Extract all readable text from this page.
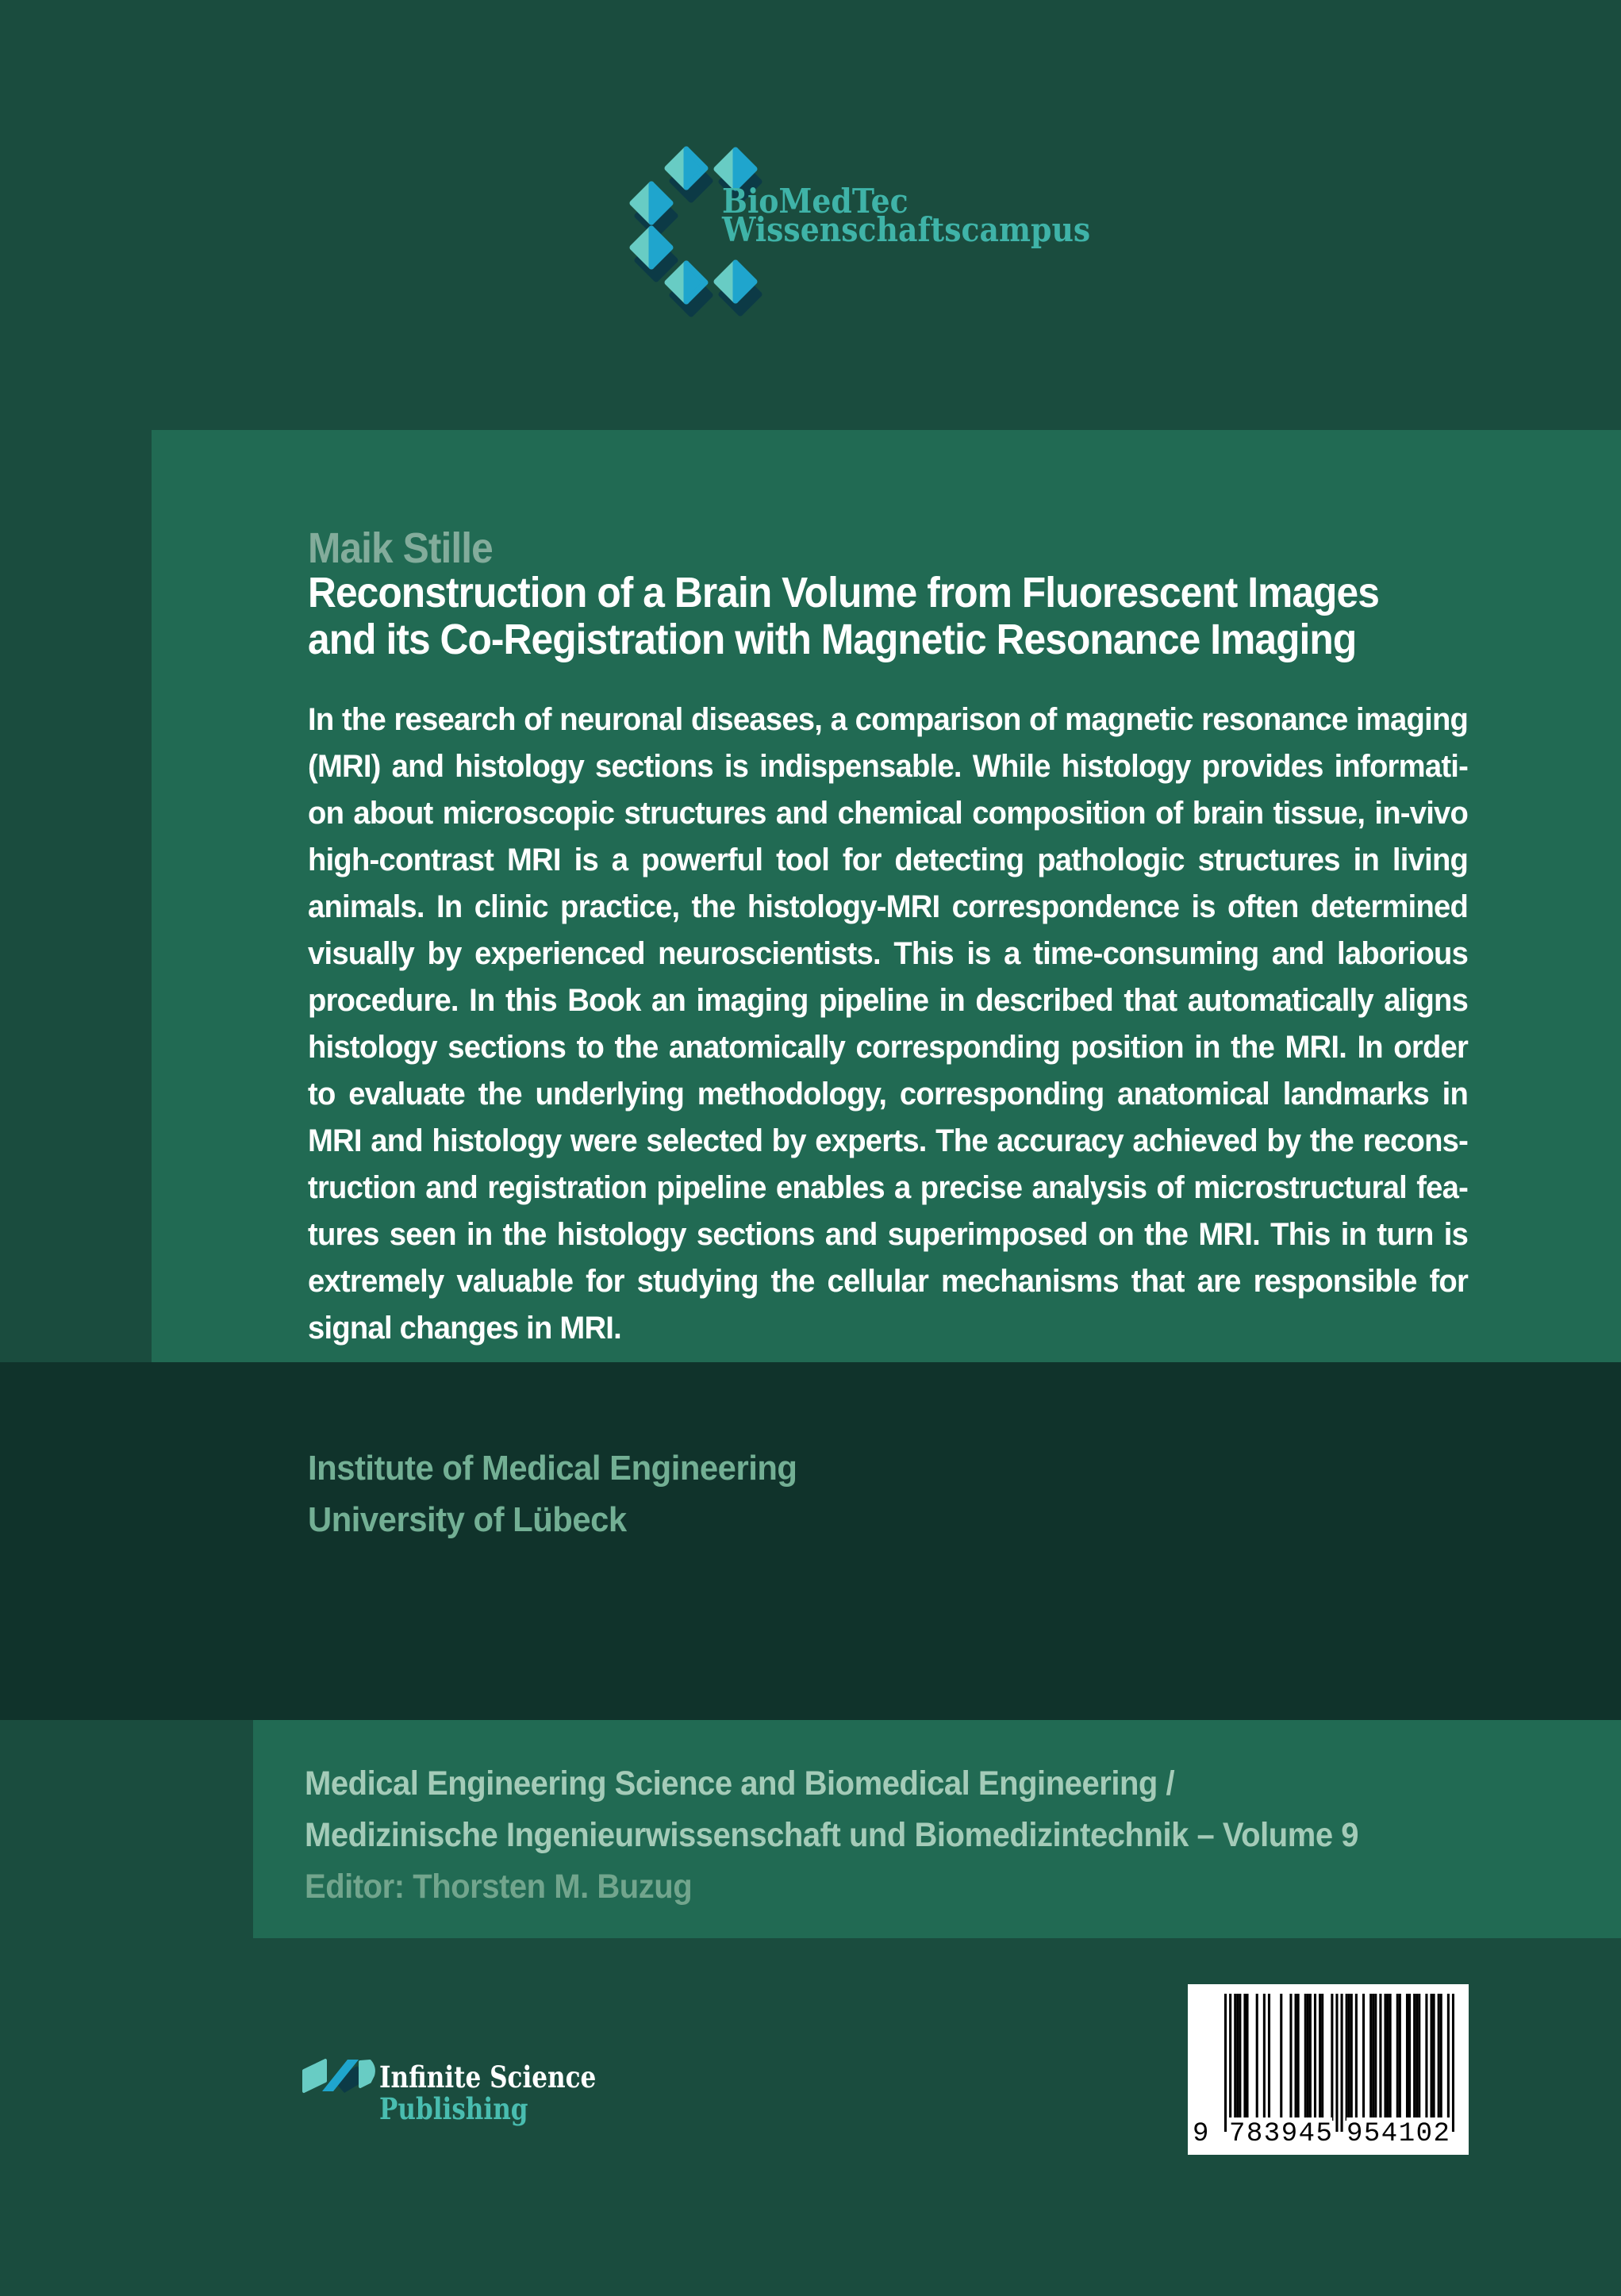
BioMedTec
Wissenschaftscampus
Maik Stille
Reconstruction of a Brain Volume from Fluorescent Images
and its Co-Registration with Magnetic Resonance Imaging
In the research of neuronal diseases, a comparison of magnetic resonance imaging
(MRI) and histology sections is indispensable. While histology provides informati-
on about microscopic structures and chemical composition of brain tissue, in-vivo
high-contrast MRI is a powerful tool for detecting pathologic structures in living
animals. In clinic practice, the histology-MRI correspondence is often determined
visually by experienced neuroscientists. This is a time-consuming and laborious
procedure. In this Book an imaging pipeline in described that automatically aligns
histology sections to the anatomically corresponding position in the MRI. In order
to evaluate the underlying methodology, corresponding anatomical landmarks in
MRI and histology were selected by experts. The accuracy achieved by the recons-
truction and registration pipeline enables a precise analysis of microstructural fea-
tures seen in the histology sections and superimposed on the MRI. This in turn is
extremely valuable for studying the cellular mechanisms that are responsible for
signal changes in MRI.
Institute of Medical Engineering
University of Lübeck
Medical Engineering Science and Biomedical Engineering /
Medizinische Ingenieurwissenschaft und Biomedizintechnik – Volume 9
Editor: Thorsten M. Buzug
Infinite Science
Publishing
9 783945 954102
